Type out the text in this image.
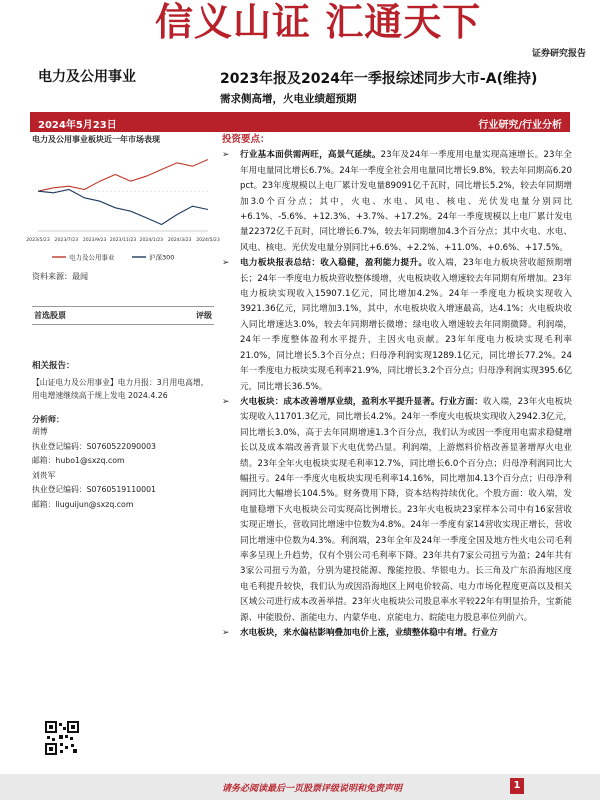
信义山证 汇通天下
证券研究报告
电力及公用事业	2023年报及2024年一季报综述同步大市-A(维持)
需求侧高增，火电业绩超预期
2024年5月23日	行业研究/行业分析
电力及公用事业板块近一年市场表现
2023/5/23 2023/7/23 2023/9/23 2023/11/23 2024/1/23 2024/3/23 2024/5/23
电力及公用事业	沪深300
资料来源：最闻
首选股票	评级
相关报告：
【山证电力及公用事业】电力月报：3月用电高增，用电增速继续高于规上发电 2024.4.26
分析师：
胡博
执业登记编码：S0760522090003
邮箱：hubo1@sxzq.com
刘贵军
执业登记编码：S0760519110001
邮箱：liuguijun@sxzq.com
投资要点：
➢ 行业基本面供需两旺，高景气延续。23年及24年一季度用电量实现高速增长。23年全年用电量同比增长6.7%。24年一季度全社会用电量同比增长9.8%，较去年同期高6.20 pct。23年度规模以上电厂累计发电量89091亿千瓦时，同比增长5.2%，较去年同期增加3.0个百分点；其中，火电、水电、风电、核电、光伏发电量分别同比+6.1%、-5.6%、+12.3%、+3.7%、+17.2%。24年一季度规模以上电厂累计发电量22372亿千瓦时，同比增长6.7%，较去年同期增加4.3个百分点；其中火电、水电、风电、核电、光伏发电量分别同比+6.6%、+2.2%、+11.0%、+0.6%、+17.5%。
➢ 电力板块报表总结：收入稳健，盈利能力提升。收入端，23年电力板块营收超预期增长；24年一季度电力板块营收整体缓增，火电板块收入增速较去年同期有所增加。23年电力板块实现收入15907.1亿元，同比增加4.2%。24年一季度电力板块实现收入3921.36亿元，同比增加3.1%，其中，水电板块收入增速最高，达4.1%；火电板块收入同比增速达3.0%，较去年同期增长微增；绿电收入增速较去年同期微降。利润端，24年一季度整体盈利水平提升，主因火电贡献。23年年度电力板块实现毛利率21.0%，同比增长5.3个百分点；归母净利润实现1289.1亿元，同比增长77.2%。24年一季度电力板块实现毛利率21.9%，同比增长3.2个百分点；归母净利润实现395.6亿元，同比增长36.5%。
➢ 火电板块：成本改善增厚业绩，盈利水平提升显著。行业方面：收入端，23年火电板块实现收入11701.3亿元，同比增长4.2%。24年一季度火电板块实现收入2942.3亿元，同比增长3.0%，高于去年同期增速1.3个百分点，我们认为或因一季度用电需求稳健增长以及成本端改善背景下火电优势凸显。利润端，上游燃料价格改善显著增厚火电业绩。23年全年火电板块实现毛利率12.7%，同比增长6.0个百分点；归母净利润同比大幅扭亏。24年一季度火电板块实现毛利率14.16%，同比增加4.13个百分点；归母净利润同比大幅增长104.5%。财务费用下降，资本结构持续优化。个股方面：收入端，发电量稳增下火电板块公司实现高比例增长。23年火电板块23家样本公司中有16家营收实现正增长，营收同比增速中位数为4.8%。24年一季度有家14营收实现正增长，营收同比增速中位数为4.3%。利润端，23年全年及24年一季度全国及地方性火电公司毛利率多呈现上升趋势，仅有个别公司毛利率下降。23年共有7家公司扭亏为盈；24年共有3家公司扭亏为盈，分别为建投能源、豫能控股、华银电力。长三角及广东沿海地区度电毛利提升较快，我们认为或因沿海地区上网电价较高、电力市场化程度更高以及相关区域公司进行成本改善举措。23年火电板块公司股息率水平较22年有明显抬升，宝新能源、申能股份、浙能电力、内蒙华电、京能电力、皖能电力股息率位列前六。
➢ 水电板块，来水偏枯影响叠加电价上涨，业绩整体稳中有增。行业方
请务必阅读最后一页股票评级说明和免责声明	1
